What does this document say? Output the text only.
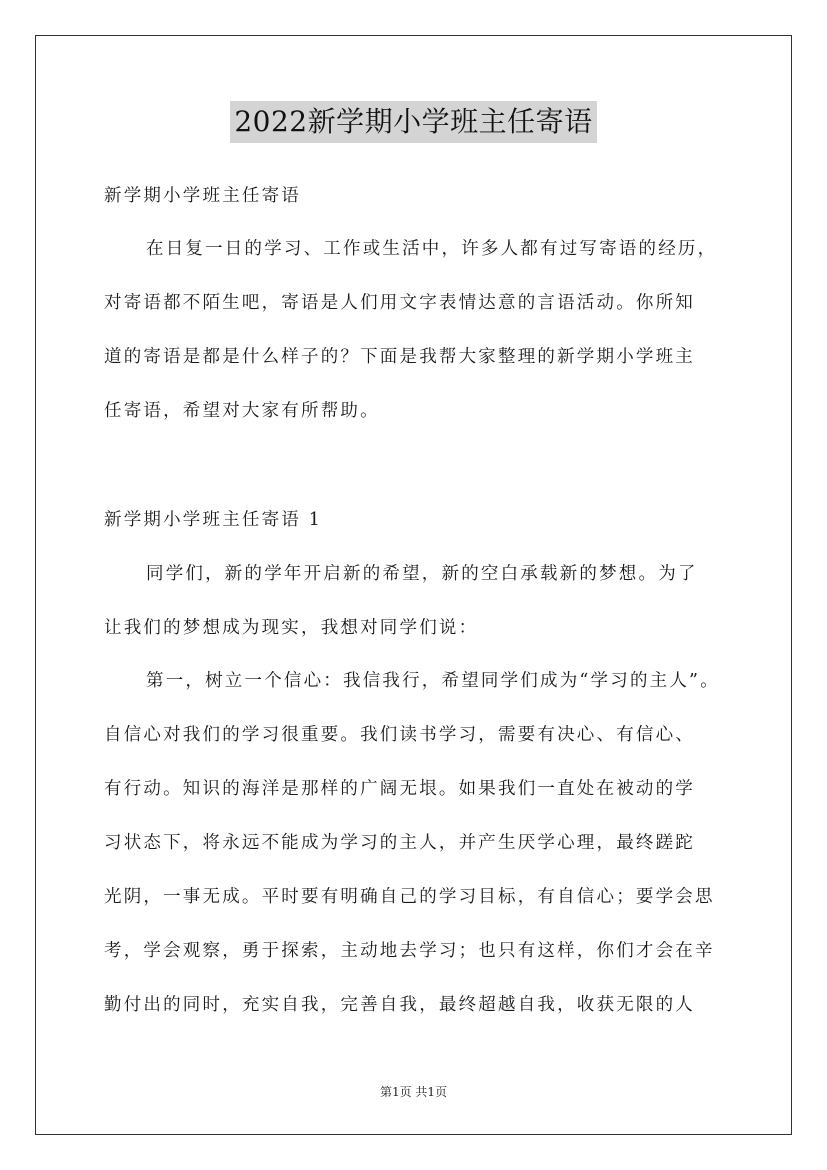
2022新学期小学班主任寄语
新学期小学班主任寄语
在日复一日的学习、工作或生活中，许多人都有过写寄语的经历，
对寄语都不陌生吧，寄语是人们用文字表情达意的言语活动。你所知
道的寄语是都是什么样子的？下面是我帮大家整理的新学期小学班主
任寄语，希望对大家有所帮助。
新学期小学班主任寄语 1
同学们，新的学年开启新的希望，新的空白承载新的梦想。为了
让我们的梦想成为现实，我想对同学们说：
第一，树立一个信心：我信我行，希望同学们成为“学习的主人”。
自信心对我们的学习很重要。我们读书学习，需要有决心、有信心、
有行动。知识的海洋是那样的广阔无垠。如果我们一直处在被动的学
习状态下，将永远不能成为学习的主人，并产生厌学心理，最终蹉跎
光阴，一事无成。平时要有明确自己的学习目标，有自信心；要学会思
考，学会观察，勇于探索，主动地去学习；也只有这样，你们才会在辛
勤付出的同时，充实自我，完善自我，最终超越自我，收获无限的人
第1页 共1页
